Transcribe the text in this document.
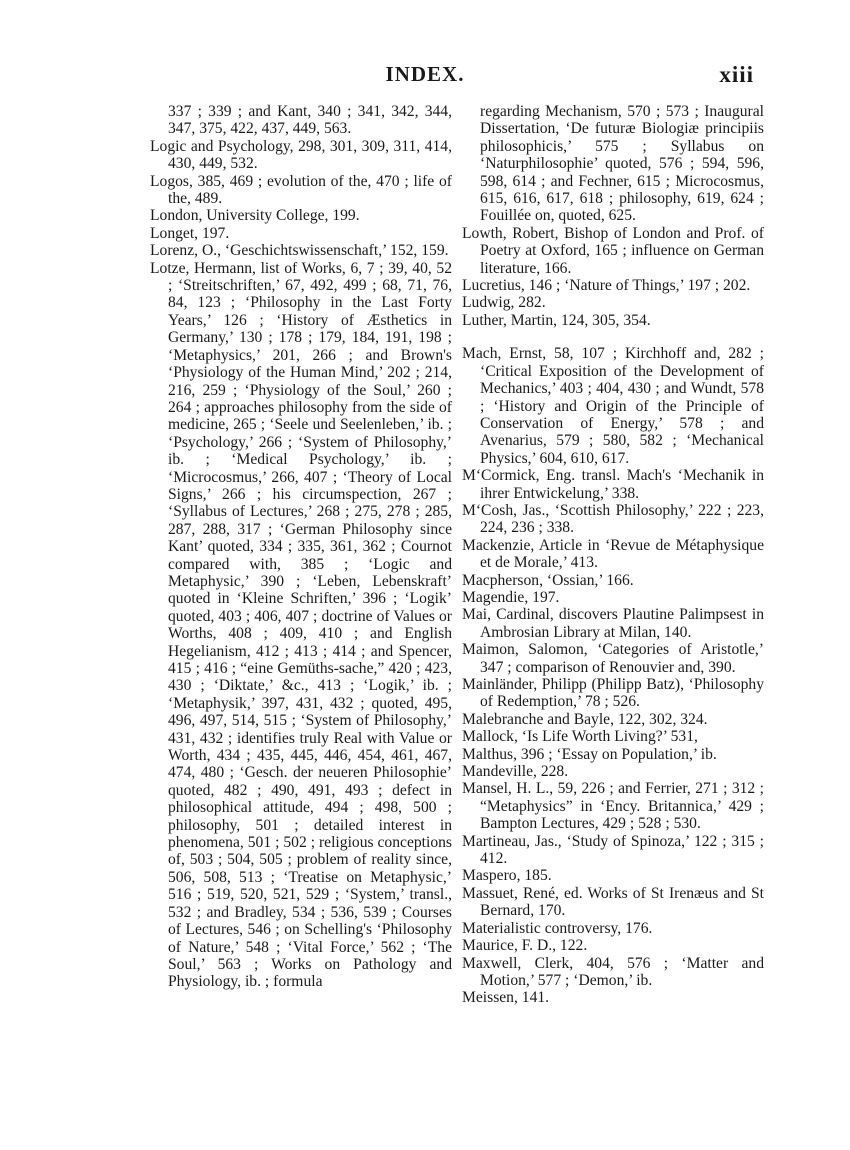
INDEX.	xiii

337 ; 339 ; and Kant, 340 ; 341, 342, 344, 347, 375, 422, 437, 449, 563.

Logic and Psychology, 298, 301, 309, 311, 414, 430, 449, 532.

Logos, 385, 469 ; evolution of the, 470 ; life of the, 489.

London, University College, 199.

Longet, 197.

Lorenz, O., ‘Geschichtswissenschaft,’ 152, 159.

Lotze, Hermann, list of Works, 6, 7 ; 39, 40, 52 ; ‘Streitschriften,’ 67, 492, 499 ; 68, 71, 76, 84, 123 ; ‘Philosophy in the Last Forty Years,’ 126 ; ‘History of Æsthetics in Germany,’ 130 ; 178 ; 179, 184, 191, 198 ; ‘Metaphysics,’ 201, 266 ; and Brown's ‘Physiology of the Human Mind,’ 202 ; 214, 216, 259 ; ‘Physiology of the Soul,’ 260 ; 264 ; approaches philosophy from the side of medicine, 265 ; ‘Seele und Seelenleben,’ ib. ; ‘Psychology,’ 266 ; ‘System of Philosophy,’ ib. ; ‘Medical Psychology,’ ib. ; ‘Microcosmus,’ 266, 407 ; ‘Theory of Local Signs,’ 266 ; his circumspection, 267 ; ‘Syllabus of Lectures,’ 268 ; 275, 278 ; 285, 287, 288, 317 ; ‘German Philosophy since Kant’ quoted, 334 ; 335, 361, 362 ; Cournot compared with, 385 ; ‘Logic and Metaphysic,’ 390 ; ‘Leben, Lebenskraft’ quoted in ‘Kleine Schriften,’ 396 ; ‘Logik’ quoted, 403 ; 406, 407 ; doctrine of Values or Worths, 408 ; 409, 410 ; and English Hegelianism, 412 ; 413 ; 414 ; and Spencer, 415 ; 416 ; “eine Gemüths-sache,” 420 ; 423, 430 ; ‘Diktate,’ &c., 413 ; ‘Logik,’ ib. ; ‘Metaphysik,’ 397, 431, 432 ; quoted, 495, 496, 497, 514, 515 ; ‘System of Philosophy,’ 431, 432 ; identifies truly Real with Value or Worth, 434 ; 435, 445, 446, 454, 461, 467, 474, 480 ; ‘Gesch. der neueren Philosophie’ quoted, 482 ; 490, 491, 493 ; defect in philosophical attitude, 494 ; 498, 500 ; philosophy, 501 ; detailed interest in phenomena, 501 ; 502 ; religious conceptions of, 503 ; 504, 505 ; problem of reality since, 506, 508, 513 ; ‘Treatise on Metaphysic,’ 516 ; 519, 520, 521, 529 ; ‘System,’ transl., 532 ; and Bradley, 534 ; 536, 539 ; Courses of Lectures, 546 ; on Schelling's ‘Philosophy of Nature,’ 548 ; ‘Vital Force,’ 562 ; ‘The Soul,’ 563 ; Works on Pathology and Physiology, ib. ; formula

regarding Mechanism, 570 ; 573 ; Inaugural Dissertation, ‘De futuræ Biologiæ principiis philosophicis,’ 575 ; Syllabus on ‘Naturphilosophie’ quoted, 576 ; 594, 596, 598, 614 ; and Fechner, 615 ; Microcosmus, 615, 616, 617, 618 ; philosophy, 619, 624 ; Fouillée on, quoted, 625.

Lowth, Robert, Bishop of London and Prof. of Poetry at Oxford, 165 ; influence on German literature, 166.

Lucretius, 146 ; ‘Nature of Things,’ 197 ; 202.

Ludwig, 282.

Luther, Martin, 124, 305, 354.

Mach, Ernst, 58, 107 ; Kirchhoff and, 282 ; ‘Critical Exposition of the Development of Mechanics,’ 403 ; 404, 430 ; and Wundt, 578 ; ‘History and Origin of the Principle of Conservation of Energy,’ 578 ; and Avenarius, 579 ; 580, 582 ; ‘Mechanical Physics,’ 604, 610, 617.

M‘Cormick, Eng. transl. Mach's ‘Mechanik in ihrer Entwickelung,’ 338.

M‘Cosh, Jas., ‘Scottish Philosophy,’ 222 ; 223, 224, 236 ; 338.

Mackenzie, Article in ‘Revue de Métaphysique et de Morale,’ 413.

Macpherson, ‘Ossian,’ 166.

Magendie, 197.

Mai, Cardinal, discovers Plautine Palimpsest in Ambrosian Library at Milan, 140.

Maimon, Salomon, ‘Categories of Aristotle,’ 347 ; comparison of Renouvier and, 390.

Mainländer, Philipp (Philipp Batz), ‘Philosophy of Redemption,’ 78 ; 526.

Malebranche and Bayle, 122, 302, 324.

Mallock, ‘Is Life Worth Living?’ 531,

Malthus, 396 ; ‘Essay on Population,’ ib.

Mandeville, 228.

Mansel, H. L., 59, 226 ; and Ferrier, 271 ; 312 ; “Metaphysics” in ‘Ency. Britannica,’ 429 ; Bampton Lectures, 429 ; 528 ; 530.

Martineau, Jas., ‘Study of Spinoza,’ 122 ; 315 ; 412.

Maspero, 185.

Massuet, René, ed. Works of St Irenæus and St Bernard, 170.

Materialistic controversy, 176.

Maurice, F. D., 122.

Maxwell, Clerk, 404, 576 ; ‘Matter and Motion,’ 577 ; ‘Demon,’ ib.

Meissen, 141.
